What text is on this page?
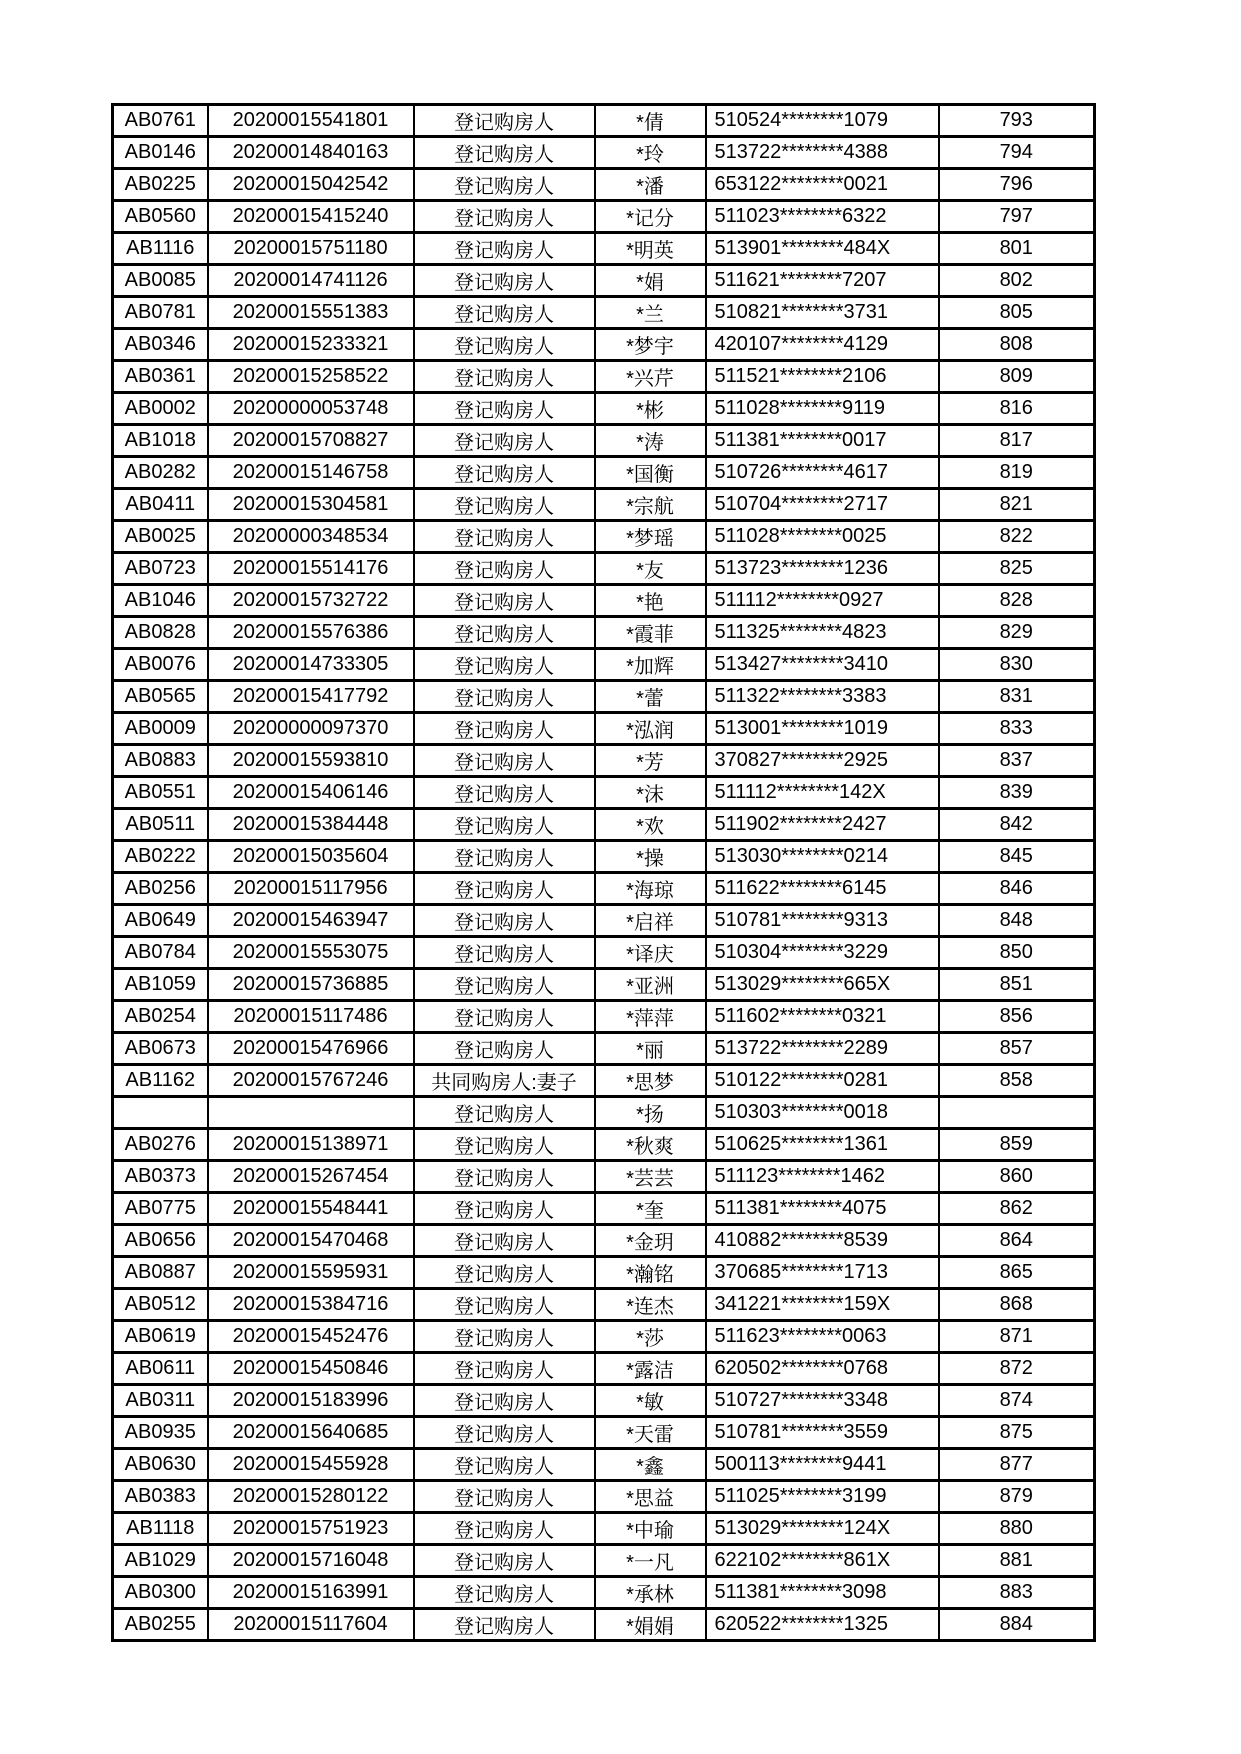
AB0761	20200015541801	登记购房人	*倩	510524********1079	793
AB0146	20200014840163	登记购房人	*玲	513722********4388	794
AB0225	20200015042542	登记购房人	*潘	653122********0021	796
AB0560	20200015415240	登记购房人	*记分	511023********6322	797
AB1116	20200015751180	登记购房人	*明英	513901********484X	801
AB0085	20200014741126	登记购房人	*娟	511621********7207	802
AB0781	20200015551383	登记购房人	*兰	510821********3731	805
AB0346	20200015233321	登记购房人	*梦宇	420107********4129	808
AB0361	20200015258522	登记购房人	*兴芹	511521********2106	809
AB0002	20200000053748	登记购房人	*彬	511028********9119	816
AB1018	20200015708827	登记购房人	*涛	511381********0017	817
AB0282	20200015146758	登记购房人	*国衡	510726********4617	819
AB0411	20200015304581	登记购房人	*宗航	510704********2717	821
AB0025	20200000348534	登记购房人	*梦瑶	511028********0025	822
AB0723	20200015514176	登记购房人	*友	513723********1236	825
AB1046	20200015732722	登记购房人	*艳	511112********0927	828
AB0828	20200015576386	登记购房人	*霞菲	511325********4823	829
AB0076	20200014733305	登记购房人	*加辉	513427********3410	830
AB0565	20200015417792	登记购房人	*蕾	511322********3383	831
AB0009	20200000097370	登记购房人	*泓润	513001********1019	833
AB0883	20200015593810	登记购房人	*芳	370827********2925	837
AB0551	20200015406146	登记购房人	*沫	511112********142X	839
AB0511	20200015384448	登记购房人	*欢	511902********2427	842
AB0222	20200015035604	登记购房人	*操	513030********0214	845
AB0256	20200015117956	登记购房人	*海琼	511622********6145	846
AB0649	20200015463947	登记购房人	*启祥	510781********9313	848
AB0784	20200015553075	登记购房人	*译庆	510304********3229	850
AB1059	20200015736885	登记购房人	*亚洲	513029********665X	851
AB0254	20200015117486	登记购房人	*萍萍	511602********0321	856
AB0673	20200015476966	登记购房人	*丽	513722********2289	857
AB1162	20200015767246	共同购房人:妻子	*思梦	510122********0281	858
		登记购房人	*扬	510303********0018	
AB0276	20200015138971	登记购房人	*秋爽	510625********1361	859
AB0373	20200015267454	登记购房人	*芸芸	511123********1462	860
AB0775	20200015548441	登记购房人	*奎	511381********4075	862
AB0656	20200015470468	登记购房人	*金玥	410882********8539	864
AB0887	20200015595931	登记购房人	*瀚铭	370685********1713	865
AB0512	20200015384716	登记购房人	*连杰	341221********159X	868
AB0619	20200015452476	登记购房人	*莎	511623********0063	871
AB0611	20200015450846	登记购房人	*露洁	620502********0768	872
AB0311	20200015183996	登记购房人	*敏	510727********3348	874
AB0935	20200015640685	登记购房人	*天雷	510781********3559	875
AB0630	20200015455928	登记购房人	*鑫	500113********9441	877
AB0383	20200015280122	登记购房人	*思益	511025********3199	879
AB1118	20200015751923	登记购房人	*中瑜	513029********124X	880
AB1029	20200015716048	登记购房人	*一凡	622102********861X	881
AB0300	20200015163991	登记购房人	*承林	511381********3098	883
AB0255	20200015117604	登记购房人	*娟娟	620522********1325	884
